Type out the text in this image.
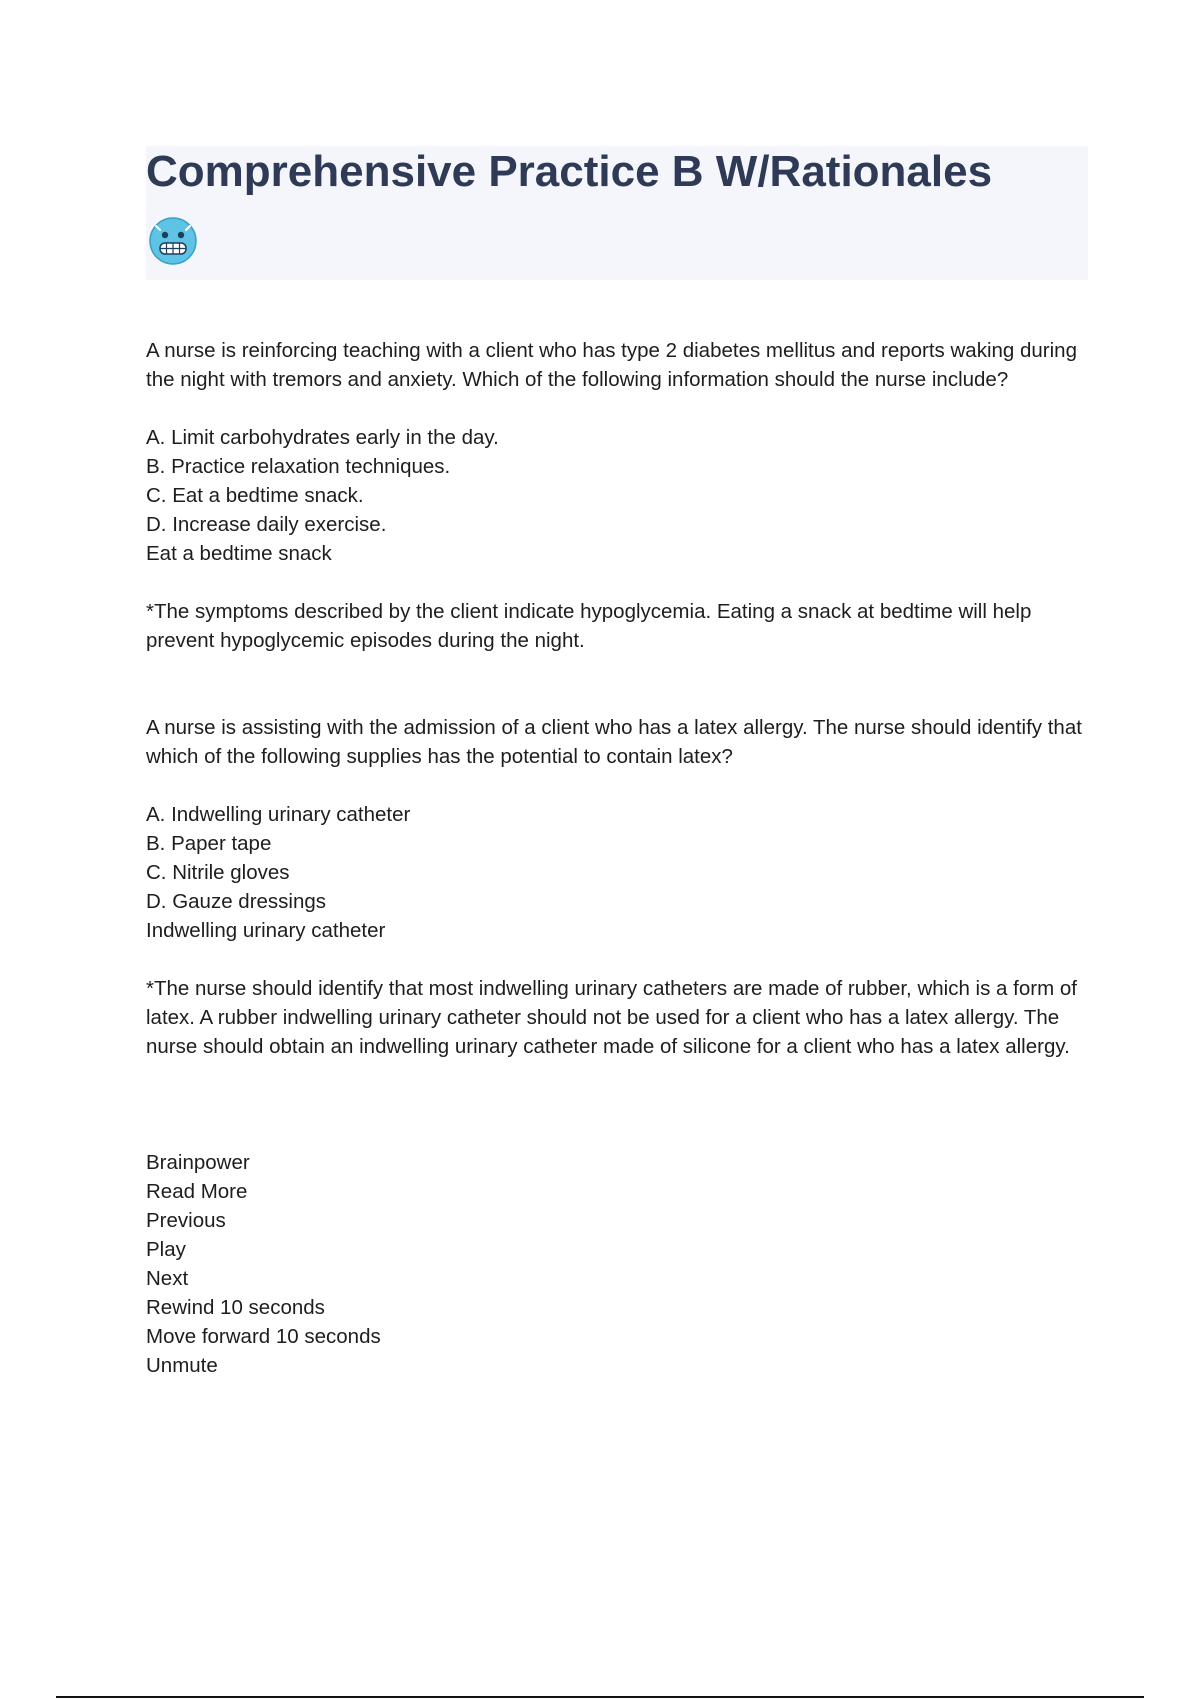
Comprehensive Practice B W/Rationales

A nurse is reinforcing teaching with a client who has type 2 diabetes mellitus and reports waking during the night with tremors and anxiety. Which of the following information should the nurse include?

A. Limit carbohydrates early in the day.
B. Practice relaxation techniques.
C. Eat a bedtime snack.
D. Increase daily exercise.
Eat a bedtime snack

*The symptoms described by the client indicate hypoglycemia. Eating a snack at bedtime will help prevent hypoglycemic episodes during the night.

A nurse is assisting with the admission of a client who has a latex allergy. The nurse should identify that which of the following supplies has the potential to contain latex?

A. Indwelling urinary catheter
B. Paper tape
C. Nitrile gloves
D. Gauze dressings
Indwelling urinary catheter

*The nurse should identify that most indwelling urinary catheters are made of rubber, which is a form of latex. A rubber indwelling urinary catheter should not be used for a client who has a latex allergy. The nurse should obtain an indwelling urinary catheter made of silicone for a client who has a latex allergy.

Brainpower
Read More
Previous
Play
Next
Rewind 10 seconds
Move forward 10 seconds
Unmute
